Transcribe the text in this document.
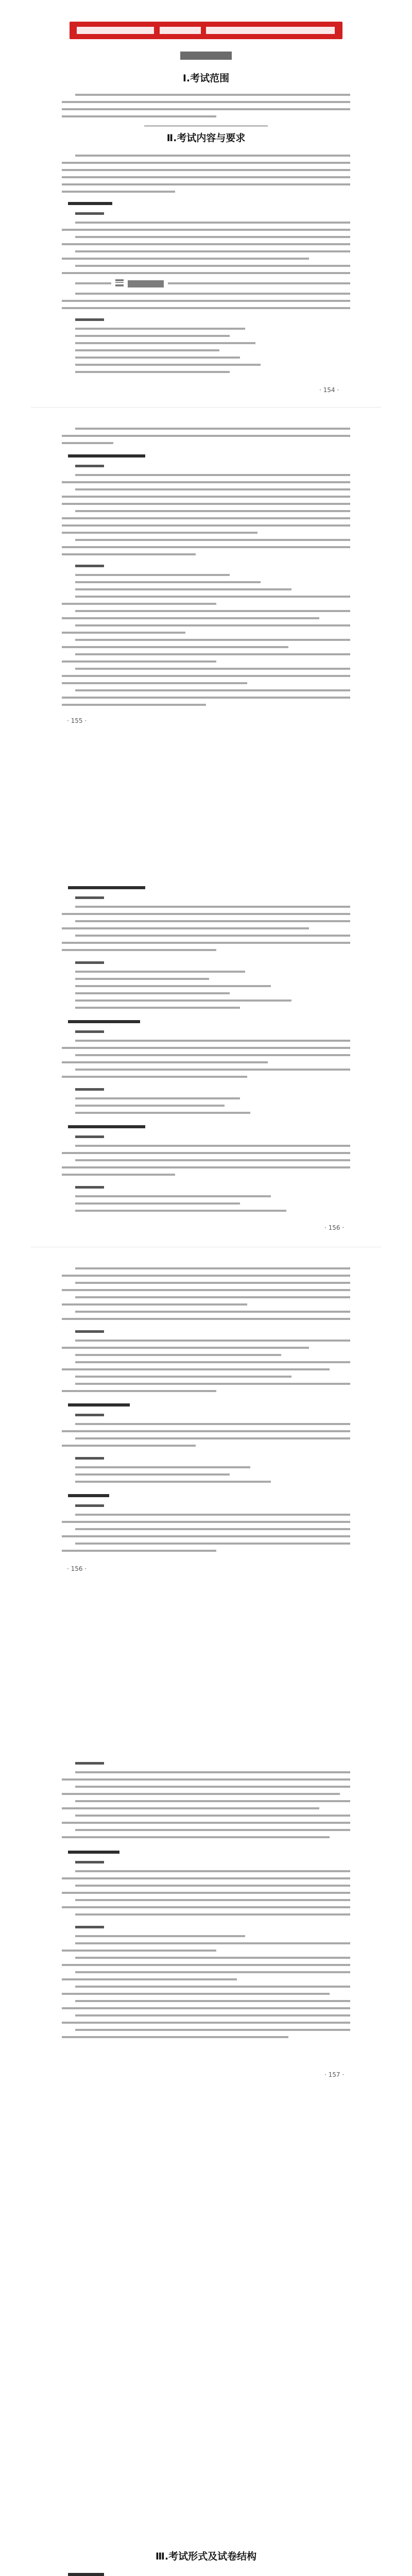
Ⅰ.考试范围
Ⅱ.考试内容与要求
· 154 ·
· 155 ·
· 156 ·
· 156 ·
· 157 ·
Ⅲ.考试形式及试卷结构
